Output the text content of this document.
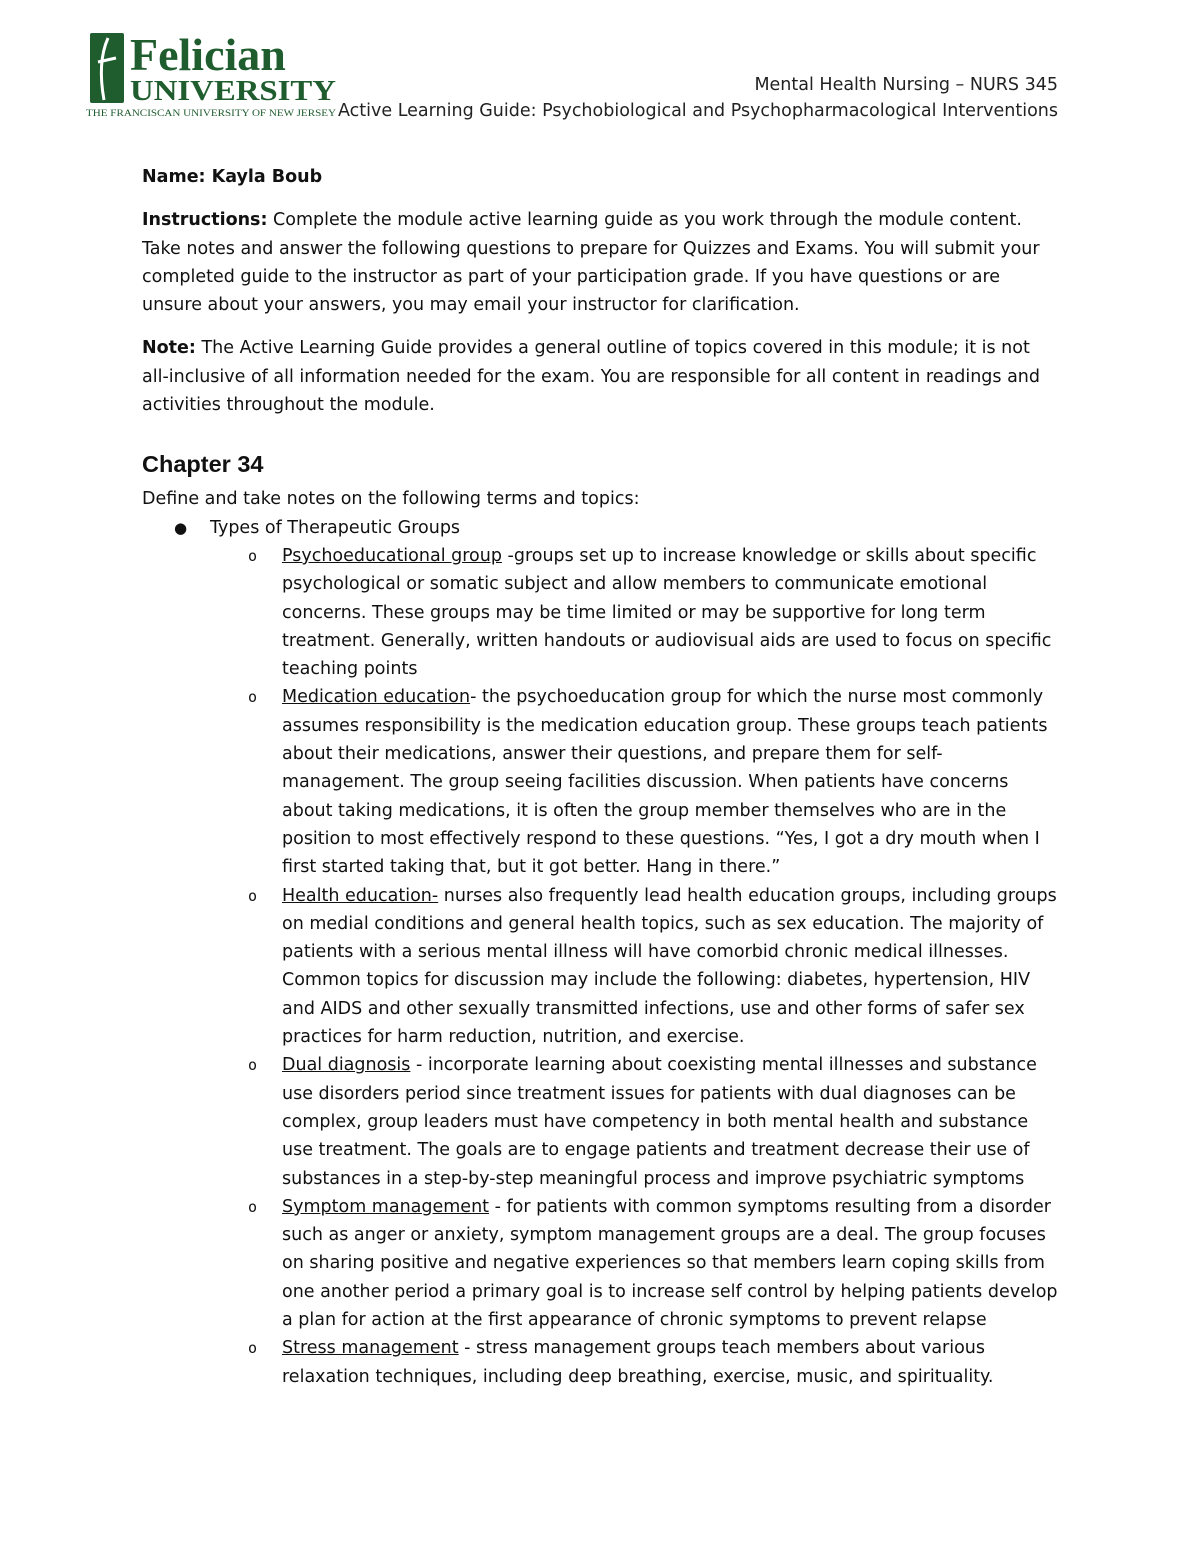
Felician
UNIVERSITY
THE FRANCISCAN UNIVERSITY OF NEW JERSEY
Mental Health Nursing – NURS 345
Active Learning Guide: Psychobiological and Psychopharmacological Interventions

Name: Kayla Boub

Instructions: Complete the module active learning guide as you work through the module content. Take notes and answer the following questions to prepare for Quizzes and Exams. You will submit your completed guide to the instructor as part of your participation grade. If you have questions or are unsure about your answers, you may email your instructor for clarification.

Note: The Active Learning Guide provides a general outline of topics covered in this module; it is not all-inclusive of all information needed for the exam. You are responsible for all content in readings and activities throughout the module.

Chapter 34

Define and take notes on the following terms and topics:

● Types of Therapeutic Groups
o Psychoeducational group -groups set up to increase knowledge or skills about specific psychological or somatic subject and allow members to communicate emotional concerns. These groups may be time limited or may be supportive for long term treatment. Generally, written handouts or audiovisual aids are used to focus on specific teaching points
o Medication education- the psychoeducation group for which the nurse most commonly assumes responsibility is the medication education group. These groups teach patients about their medications, answer their questions, and prepare them for self-management. The group seeing facilities discussion. When patients have concerns about taking medications, it is often the group member themselves who are in the position to most effectively respond to these questions. “Yes, I got a dry mouth when I first started taking that, but it got better. Hang in there.”
o Health education- nurses also frequently lead health education groups, including groups on medial conditions and general health topics, such as sex education. The majority of patients with a serious mental illness will have comorbid chronic medical illnesses. Common topics for discussion may include the following: diabetes, hypertension, HIV and AIDS and other sexually transmitted infections, use and other forms of safer sex practices for harm reduction, nutrition, and exercise.
o Dual diagnosis - incorporate learning about coexisting mental illnesses and substance use disorders period since treatment issues for patients with dual diagnoses can be complex, group leaders must have competency in both mental health and substance use treatment. The goals are to engage patients and treatment decrease their use of substances in a step-by-step meaningful process and improve psychiatric symptoms
o Symptom management - for patients with common symptoms resulting from a disorder such as anger or anxiety, symptom management groups are a deal. The group focuses on sharing positive and negative experiences so that members learn coping skills from one another period a primary goal is to increase self control by helping patients develop a plan for action at the first appearance of chronic symptoms to prevent relapse
o Stress management - stress management groups teach members about various relaxation techniques, including deep breathing, exercise, music, and spirituality.
